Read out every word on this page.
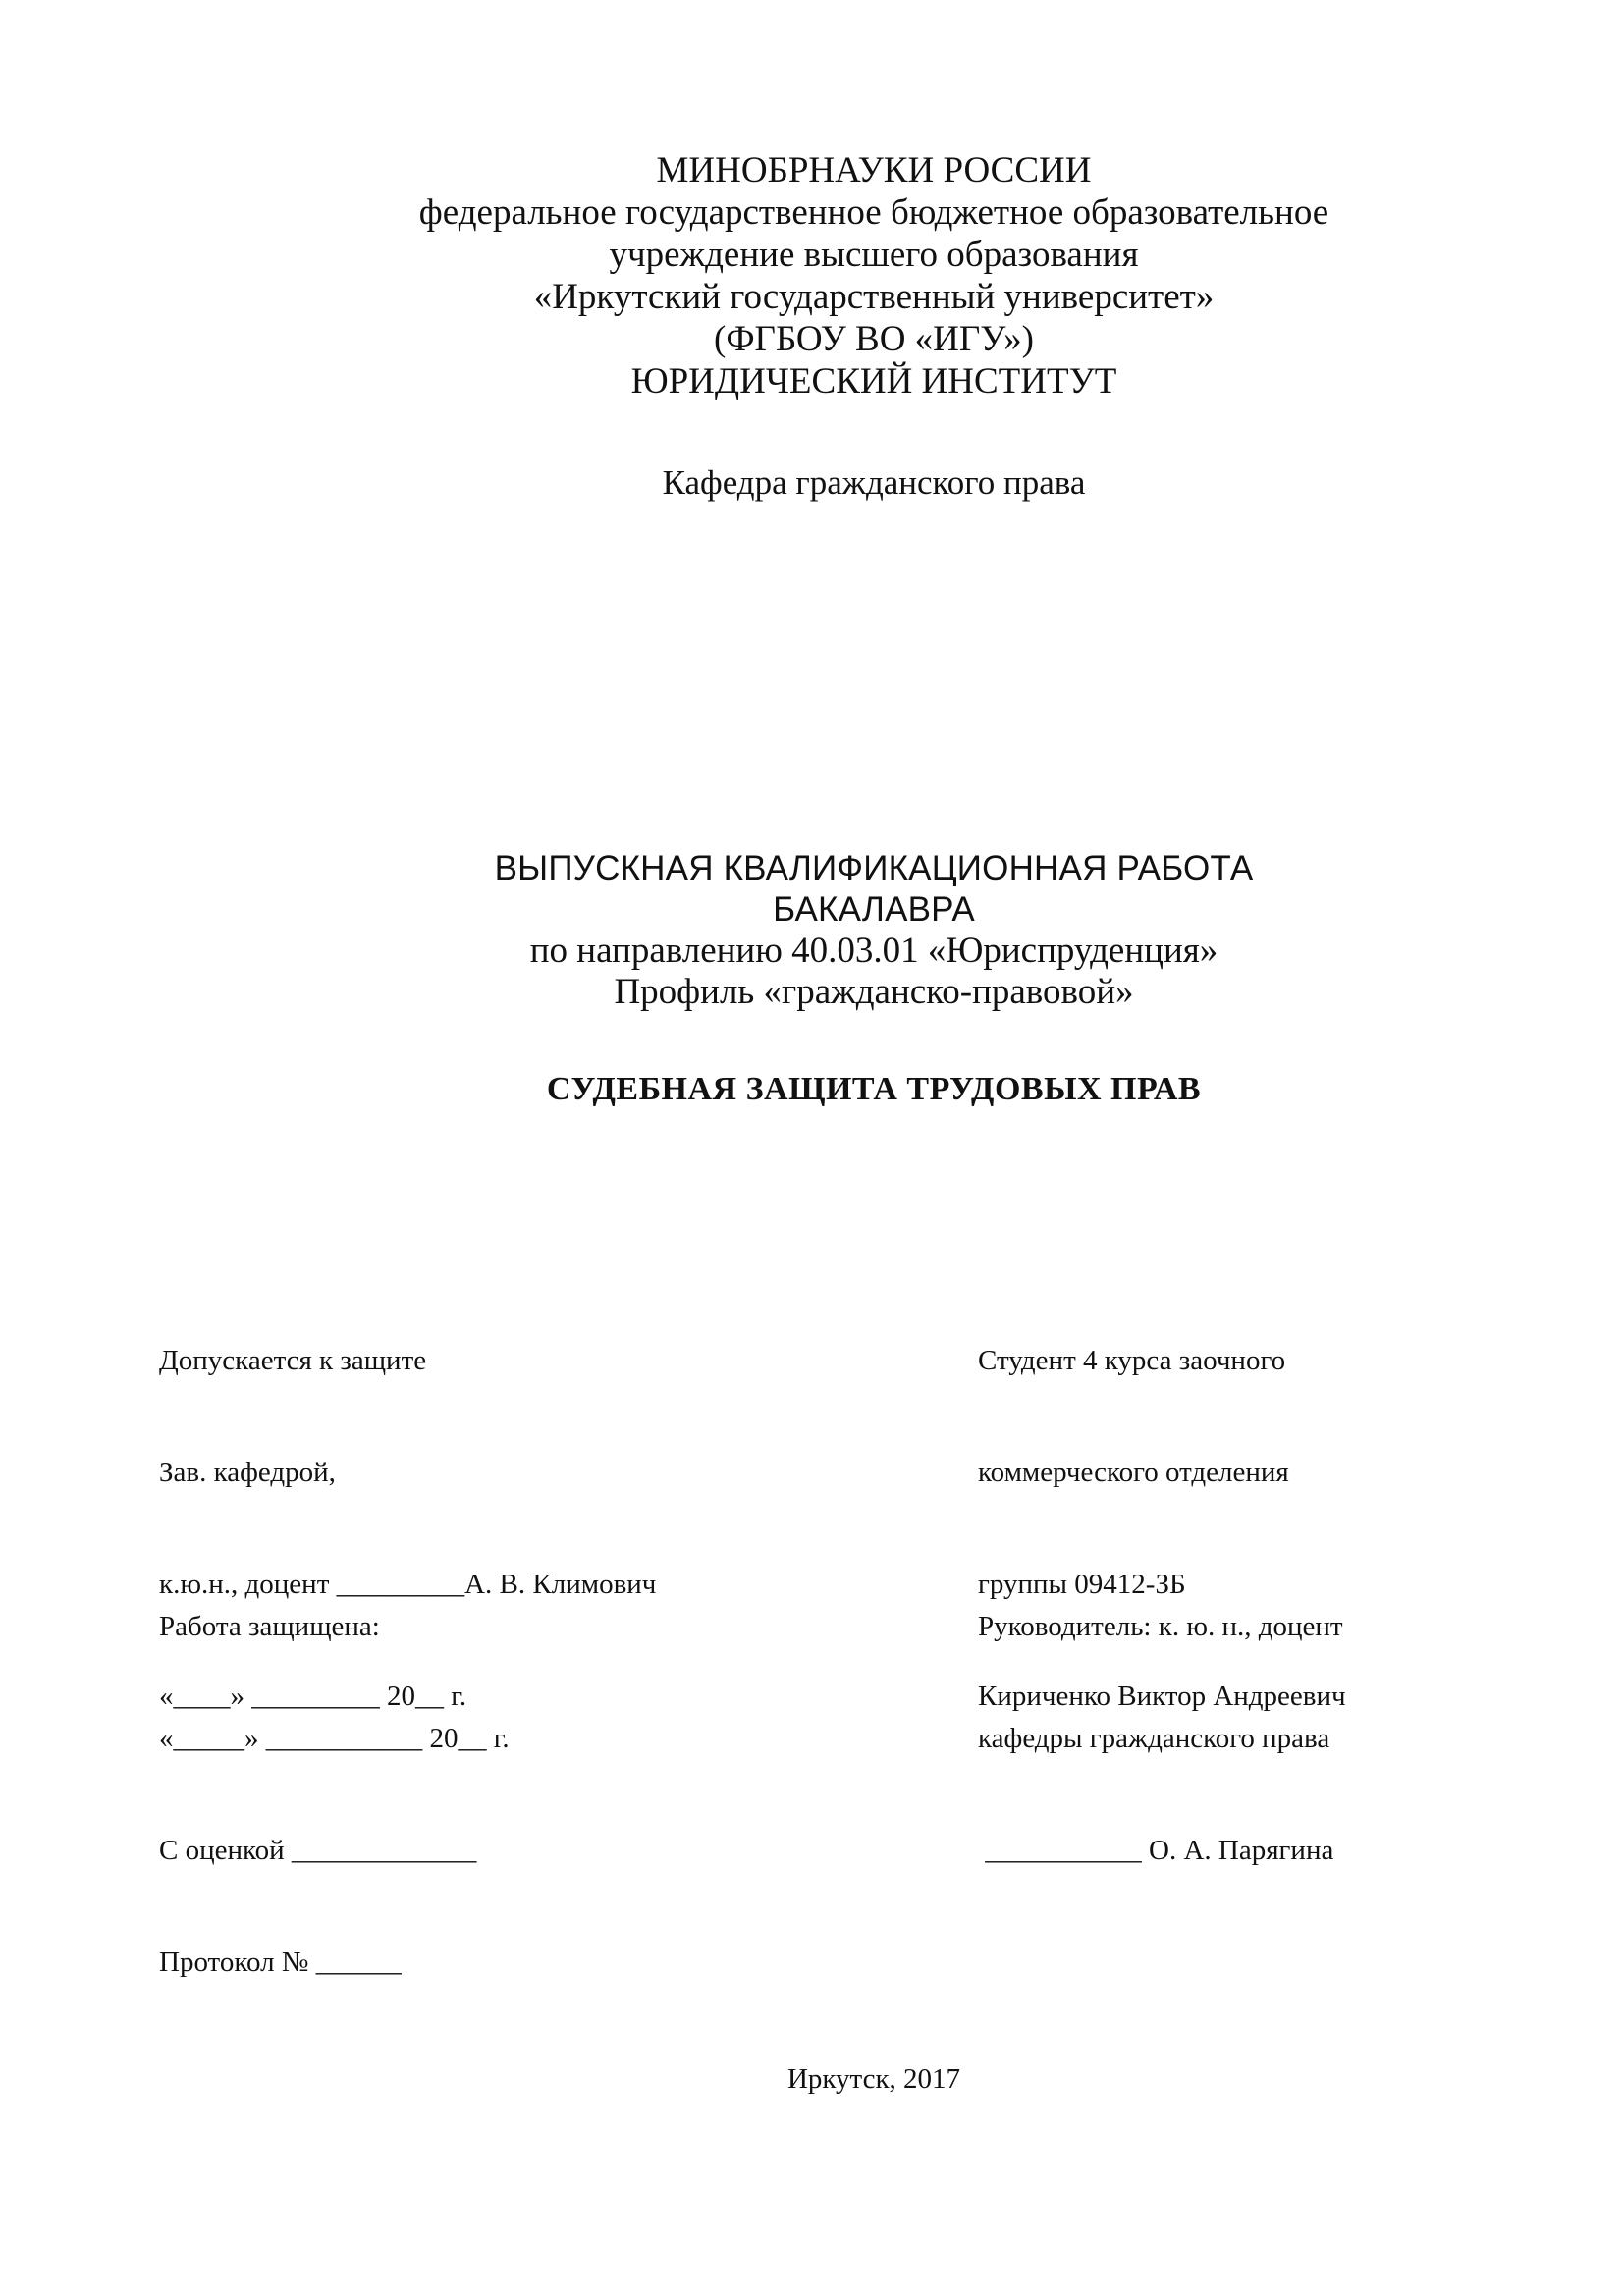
МИНОБРНАУКИ РОССИИ
федеральное государственное бюджетное образовательное
учреждение высшего образования
«Иркутский государственный университет»
(ФГБОУ ВО «ИГУ»)
ЮРИДИЧЕСКИЙ ИНСТИТУТ
Кафедра гражданского права
ВЫПУСКНАЯ КВАЛИФИКАЦИОННАЯ РАБОТА
БАКАЛАВРА
по направлению 40.03.01 «Юриспруденция»
Профиль «гражданско-правовой»
СУДЕБНАЯ ЗАЩИТА ТРУДОВЫХ ПРАВ

Допускается к защите

Зав. кафедрой,

к.ю.н., доцент _________А. В. Климович

«____» _________ 20__ г.

Студент 4 курса заочного

коммерческого отделения

группы 09412-ЗБ

Кириченко Виктор Андреевич

Работа защищена:

«_____» ___________ 20__ г.

С оценкой _____________

Протокол № ______

Руководитель: к. ю. н., доцент

кафедры гражданского права

___________ О. А. Парягина

Иркутск, 2017
